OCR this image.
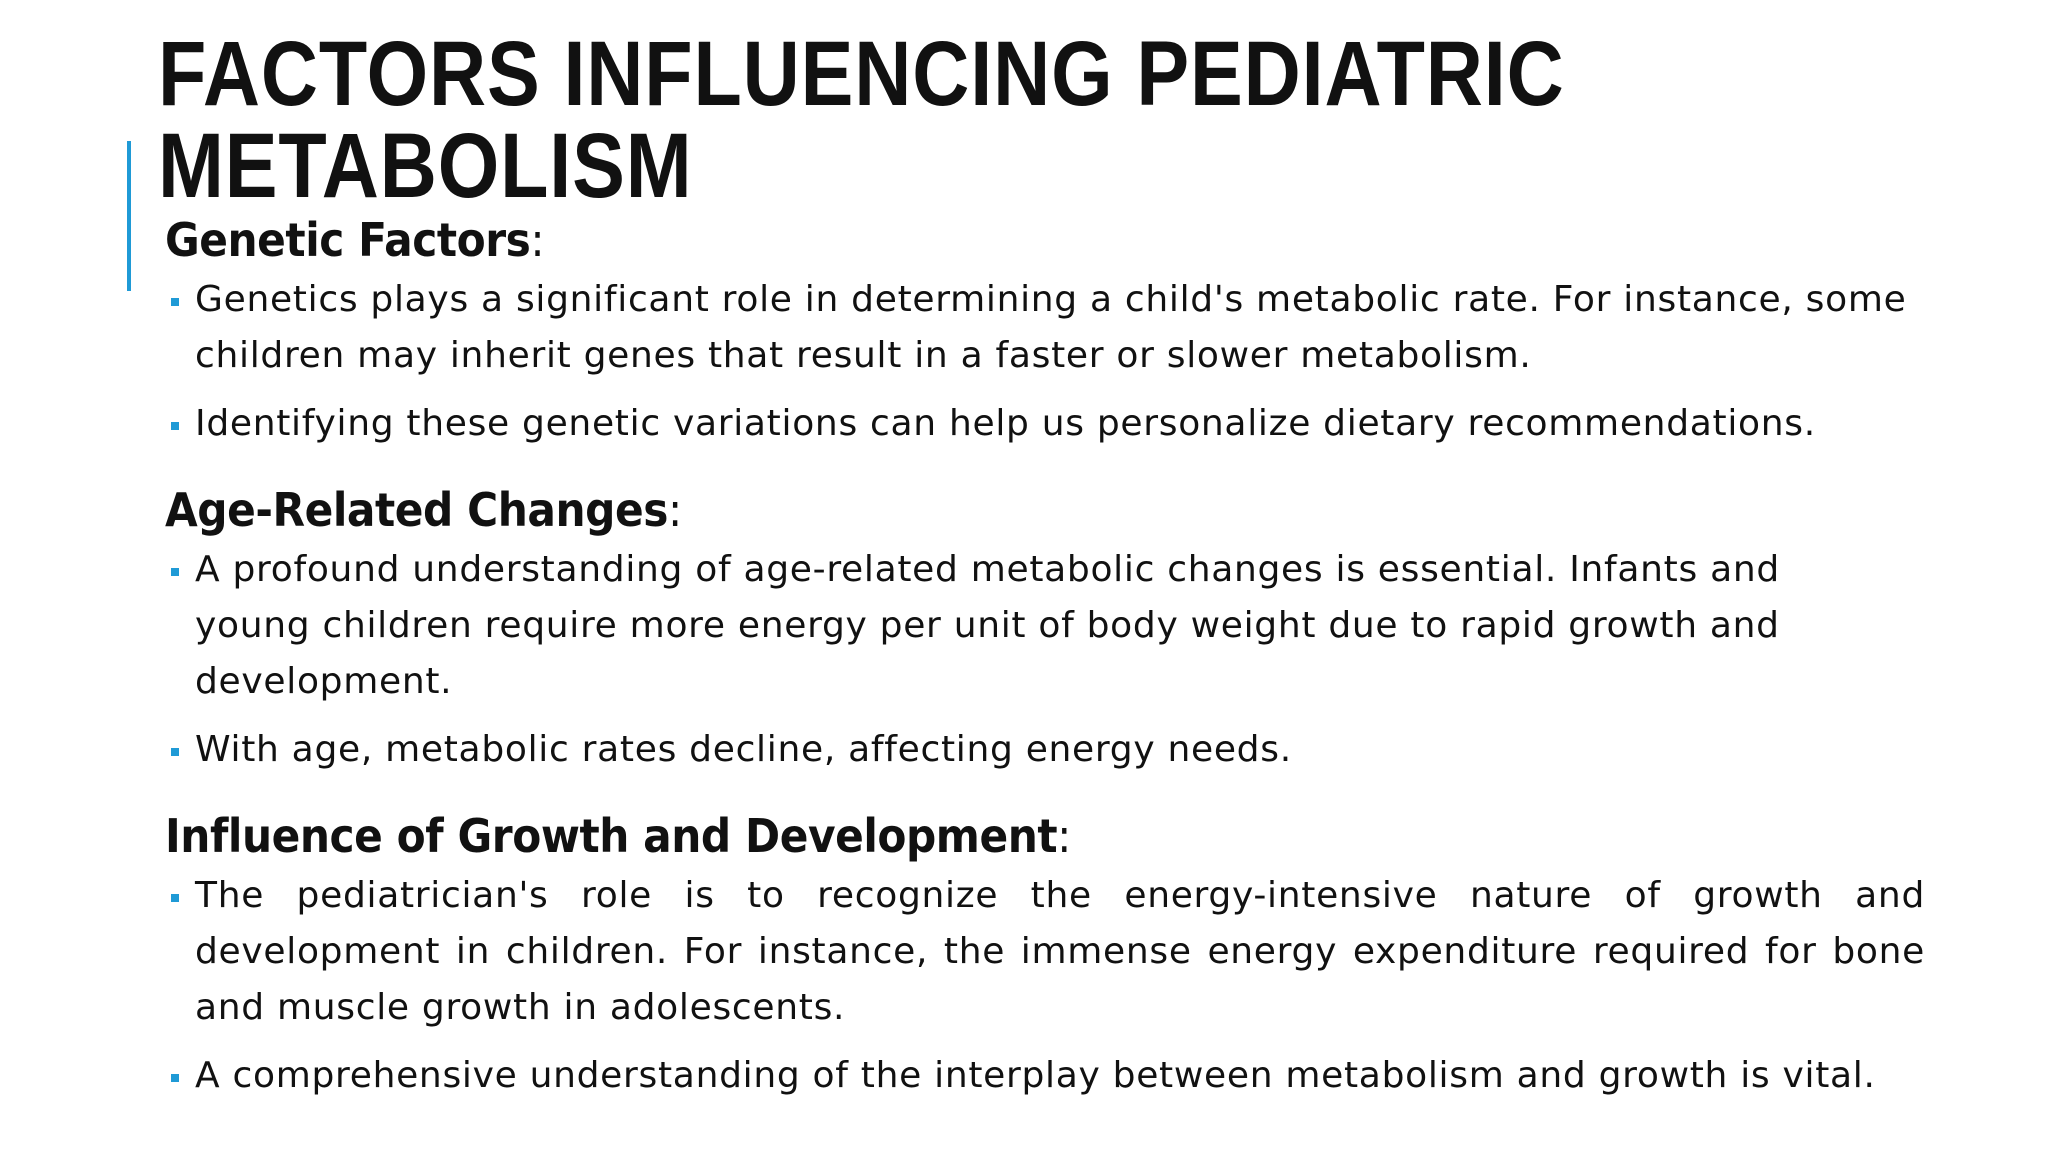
FACTORS INFLUENCING PEDIATRIC METABOLISM
Genetic Factors:
Genetics plays a significant role in determining a child's metabolic rate. For instance, some children may inherit genes that result in a faster or slower metabolism.
Identifying these genetic variations can help us personalize dietary recommendations.
Age-Related Changes:
A profound understanding of age-related metabolic changes is essential. Infants and young children require more energy per unit of body weight due to rapid growth and development.
With age, metabolic rates decline, affecting energy needs.
Influence of Growth and Development:
The pediatrician's role is to recognize the energy-intensive nature of growth and development in children. For instance, the immense energy expenditure required for bone and muscle growth in adolescents.
A comprehensive understanding of the interplay between metabolism and growth is vital.
